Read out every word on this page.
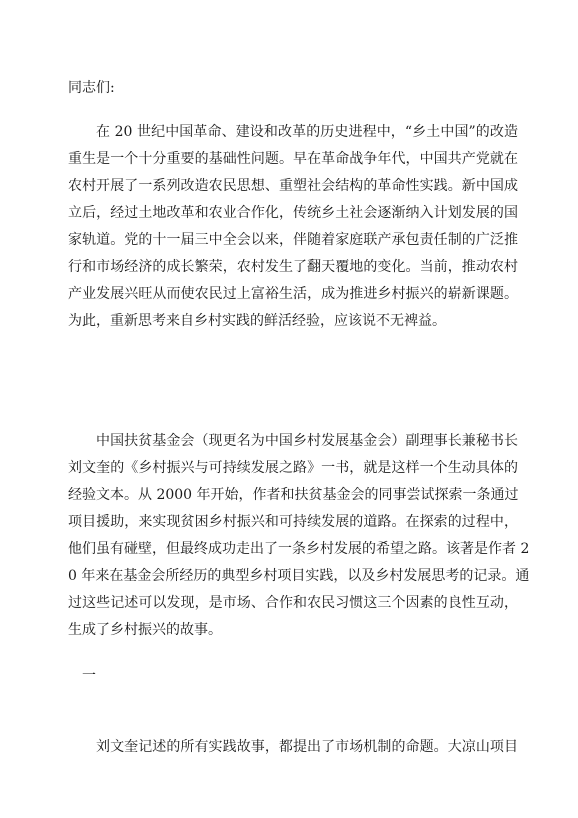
同志们:
在 20 世纪中国革命、建设和改革的历史进程中，“乡土中国”的改造
重生是一个十分重要的基础性问题。早在革命战争年代，中国共产党就在
农村开展了一系列改造农民思想、重塑社会结构的革命性实践。新中国成
立后，经过土地改革和农业合作化，传统乡土社会逐渐纳入计划发展的国
家轨道。党的十一届三中全会以来，伴随着家庭联产承包责任制的广泛推
行和市场经济的成长繁荣，农村发生了翻天覆地的变化。当前，推动农村
产业发展兴旺从而使农民过上富裕生活，成为推进乡村振兴的崭新课题。
为此，重新思考来自乡村实践的鲜活经验，应该说不无裨益。
中国扶贫基金会（现更名为中国乡村发展基金会）副理事长兼秘书长
刘文奎的《乡村振兴与可持续发展之路》一书，就是这样一个生动具体的
经验文本。从 2000 年开始，作者和扶贫基金会的同事尝试探索一条通过
项目援助，来实现贫困乡村振兴和可持续发展的道路。在探索的过程中，
他们虽有碰壁，但最终成功走出了一条乡村发展的希望之路。该著是作者 2
0 年来在基金会所经历的典型乡村项目实践，以及乡村发展思考的记录。通
过这些记述可以发现，是市场、合作和农民习惯这三个因素的良性互动，
生成了乡村振兴的故事。
一
刘文奎记述的所有实践故事，都提出了市场机制的命题。大凉山项目
